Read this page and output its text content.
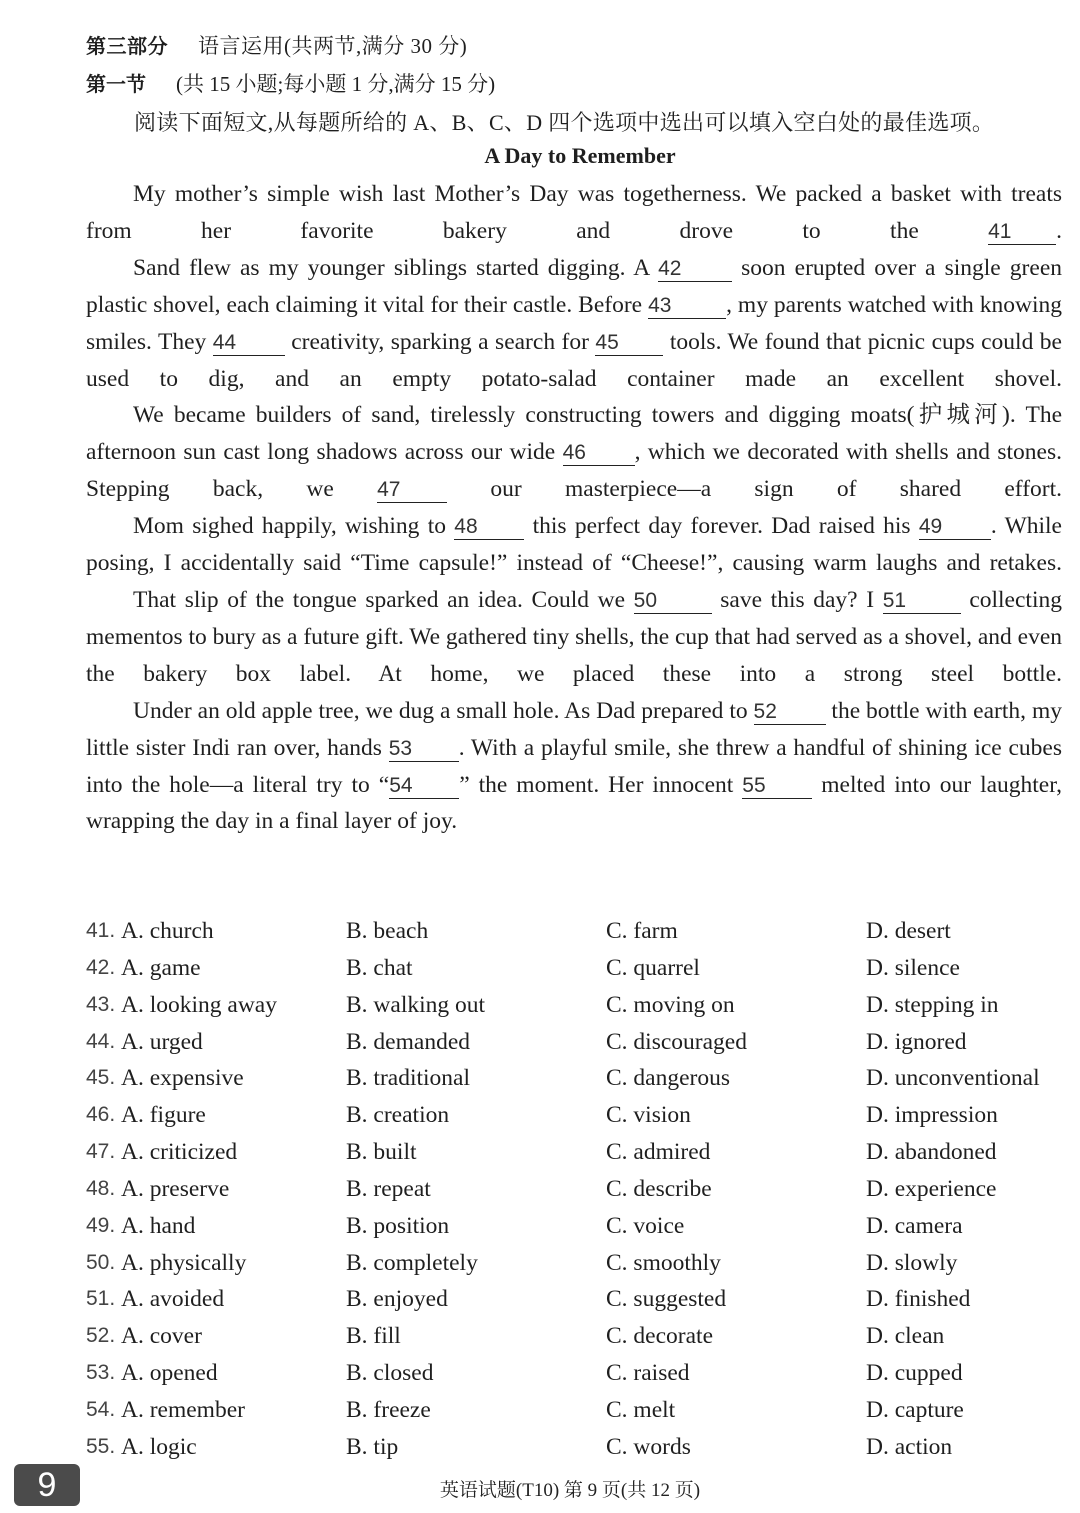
第三部分 语言运用(共两节,满分 30 分)
第一节 (共 15 小题;每小题 1 分,满分 15 分)
阅读下面短文,从每题所给的 A、B、C、D 四个选项中选出可以填入空白处的最佳选项。
A Day to Remember

My mother’s simple wish last Mother’s Day was togetherness. We packed a basket with treats from her favorite bakery and drove to the 41 .

Sand flew as my younger siblings started digging. A 42 soon erupted over a single green plastic shovel, each claiming it vital for their castle. Before 43 , my parents watched with knowing smiles. They 44 creativity, sparking a search for 45 tools. We found that picnic cups could be used to dig, and an empty potato-salad container made an excellent shovel.

We became builders of sand, tirelessly constructing towers and digging moats(护城河). The afternoon sun cast long shadows across our wide 46 , which we decorated with shells and stones. Stepping back, we 47 our masterpiece—a sign of shared effort.

Mom sighed happily, wishing to 48 this perfect day forever. Dad raised his 49 . While posing, I accidentally said “Time capsule!” instead of “Cheese!”, causing warm laughs and retakes.

That slip of the tongue sparked an idea. Could we 50 save this day? I 51 collecting mementos to bury as a future gift. We gathered tiny shells, the cup that had served as a shovel, and even the bakery box label. At home, we placed these into a strong steel bottle.

Under an old apple tree, we dug a small hole. As Dad prepared to 52 the bottle with earth, my little sister Indi ran over, hands 53 . With a playful smile, she threw a handful of shining ice cubes into the hole—a literal try to “54 ” the moment. Her innocent 55 melted into our laughter, wrapping the day in a final layer of joy.

41. A. church	B. beach	C. farm	D. desert
42. A. game	B. chat	C. quarrel	D. silence
43. A. looking away	B. walking out	C. moving on	D. stepping in
44. A. urged	B. demanded	C. discouraged	D. ignored
45. A. expensive	B. traditional	C. dangerous	D. unconventional
46. A. figure	B. creation	C. vision	D. impression
47. A. criticized	B. built	C. admired	D. abandoned
48. A. preserve	B. repeat	C. describe	D. experience
49. A. hand	B. position	C. voice	D. camera
50. A. physically	B. completely	C. smoothly	D. slowly
51. A. avoided	B. enjoyed	C. suggested	D. finished
52. A. cover	B. fill	C. decorate	D. clean
53. A. opened	B. closed	C. raised	D. cupped
54. A. remember	B. freeze	C. melt	D. capture
55. A. logic	B. tip	C. words	D. action
9	英语试题(T10) 第 9 页(共 12 页)
